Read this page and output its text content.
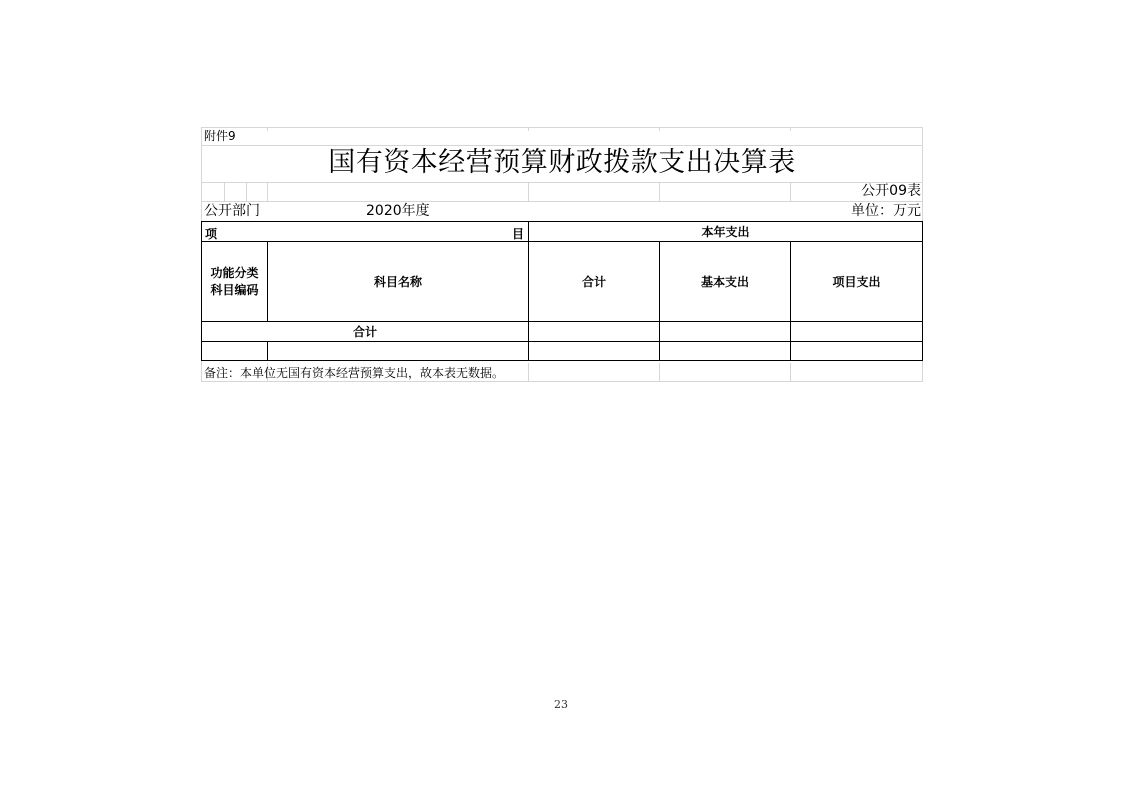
附件9
国有资本经营预算财政拨款支出决算表
公开09表
公开部门	2020年度	单位：万元
项 目		本年支出		

功能分类
科目编码	科目名称	合计	基本支出	项目支出
合计				

备注：本单位无国有资本经营预算支出，故本表无数据。
23
